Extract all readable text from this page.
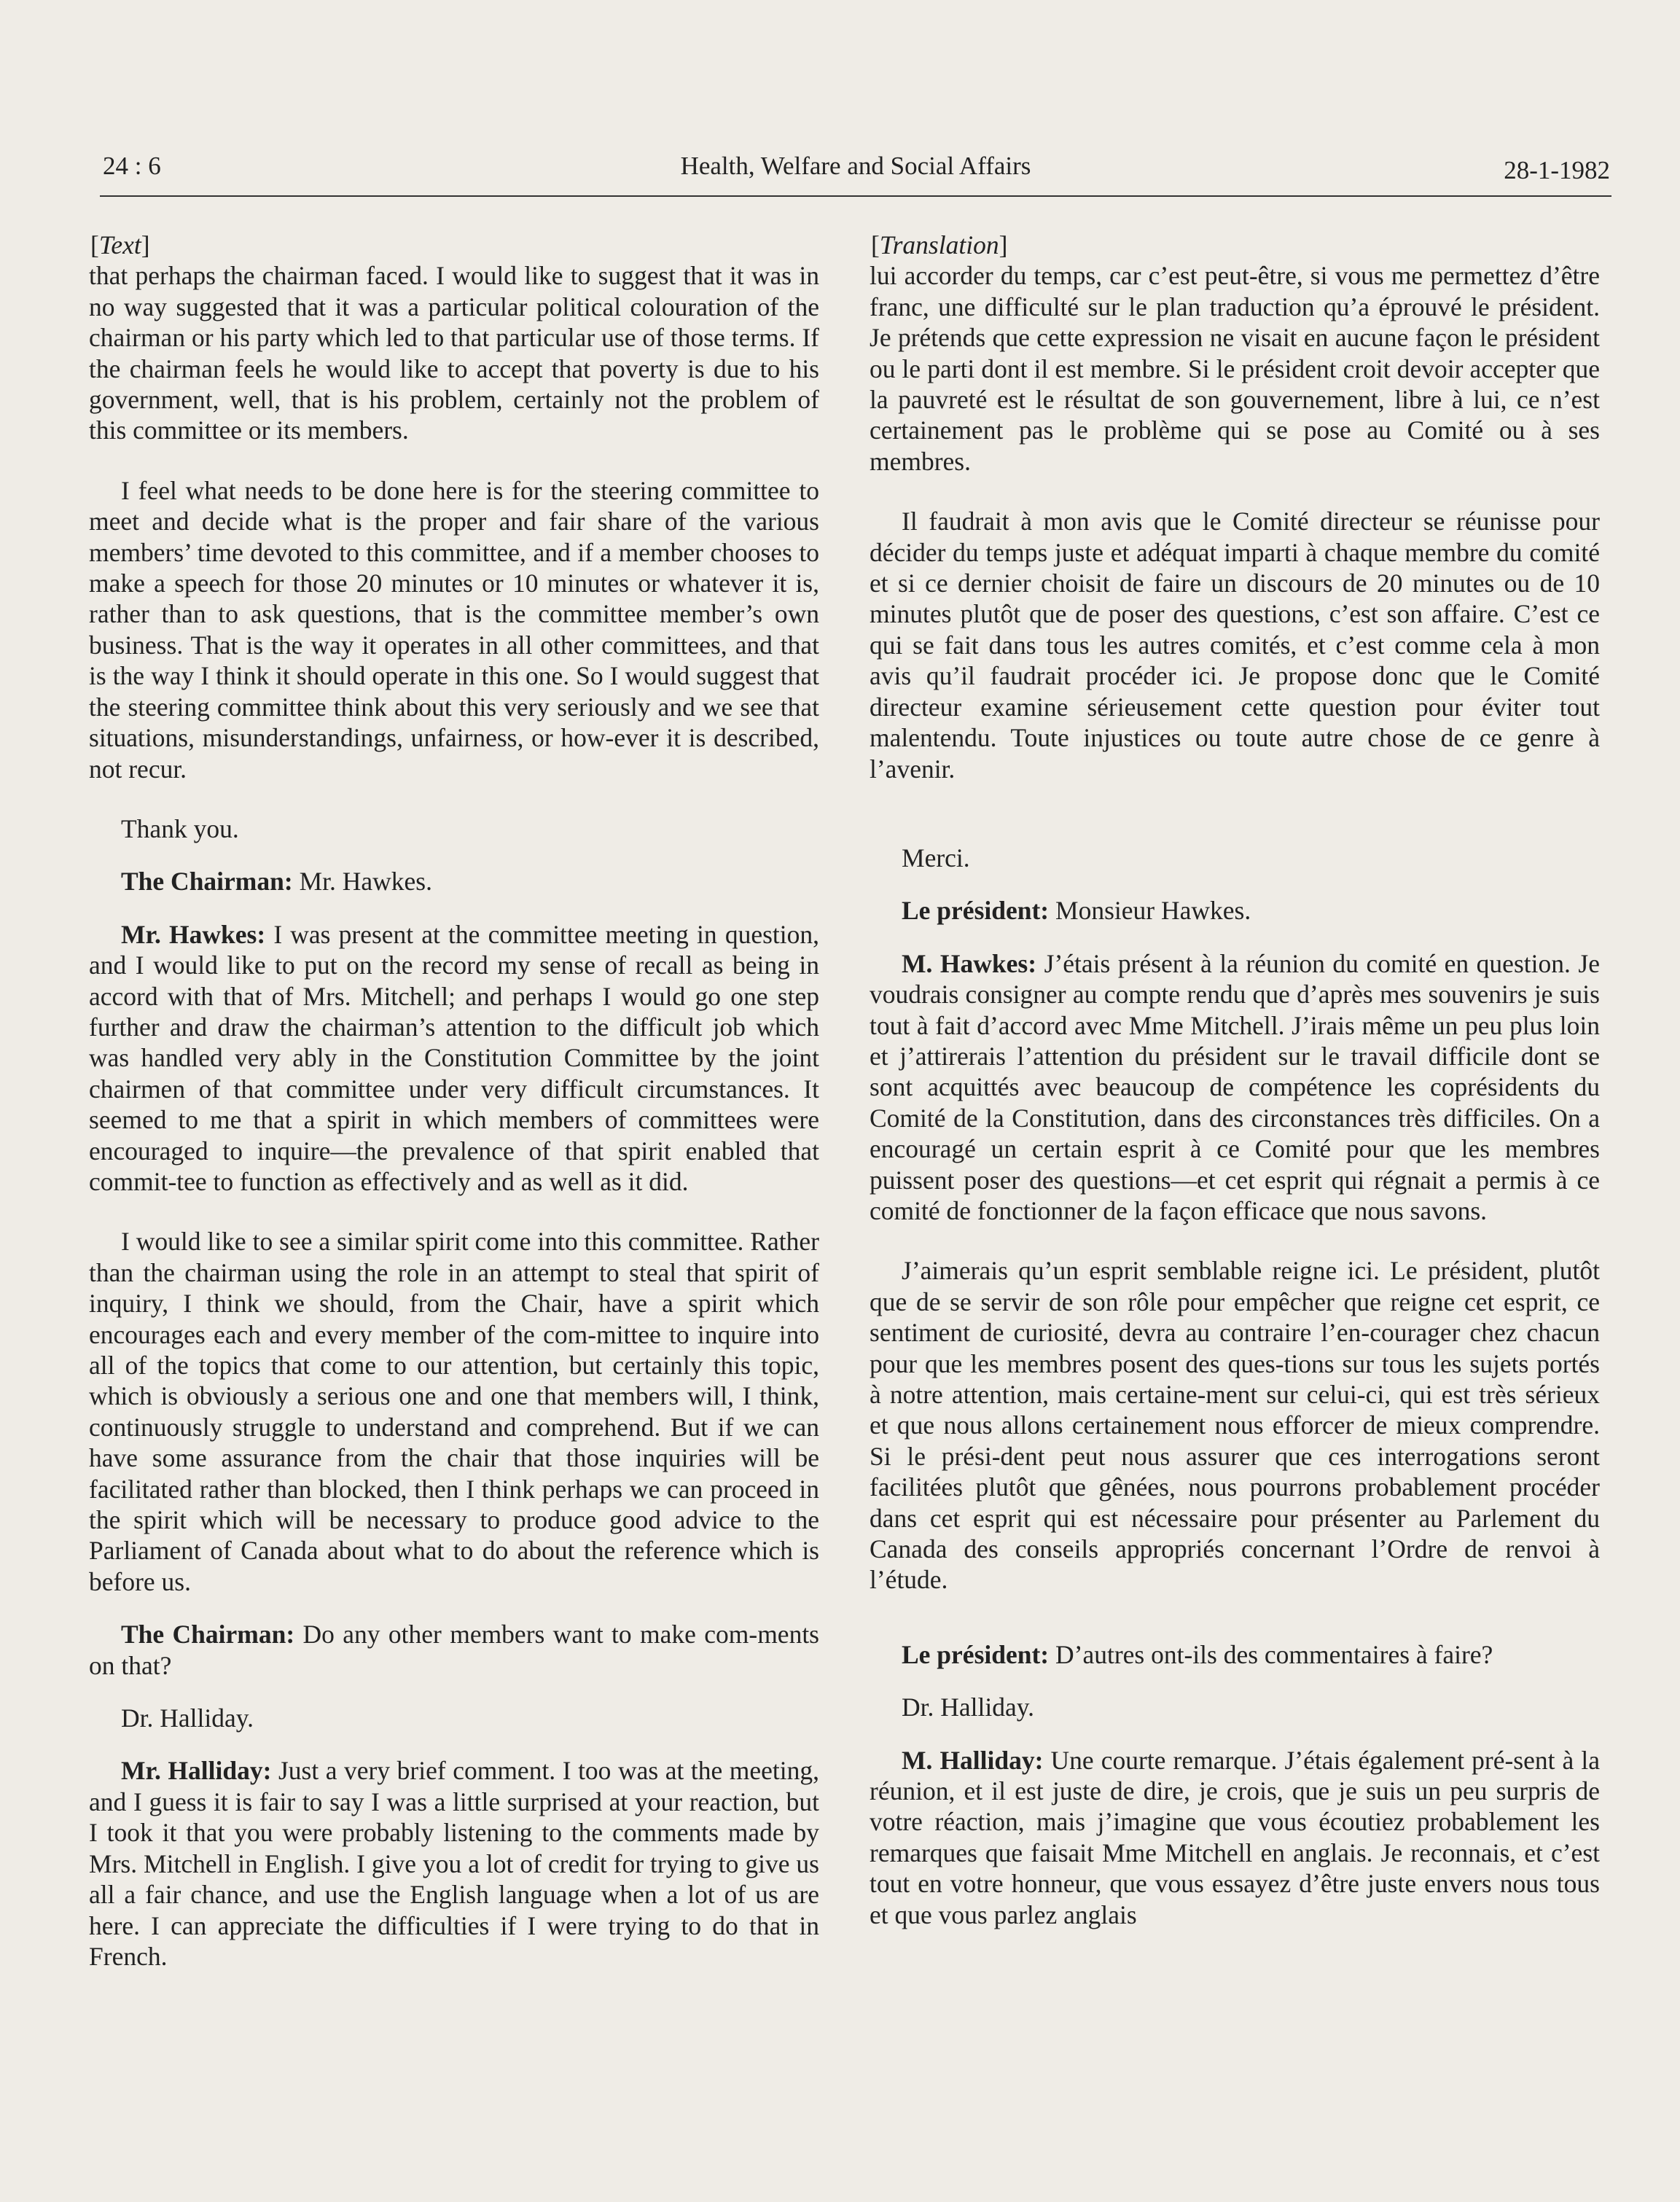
24 : 6	Health, Welfare and Social Affairs	28-1-1982

[Text]

that perhaps the chairman faced. I would like to suggest that it was in no way suggested that it was a particular political colouration of the chairman or his party which led to that particular use of those terms. If the chairman feels he would like to accept that poverty is due to his government, well, that is his problem, certainly not the problem of this committee or its members.

I feel what needs to be done here is for the steering committee to meet and decide what is the proper and fair share of the various members’ time devoted to this committee, and if a member chooses to make a speech for those 20 minutes or 10 minutes or whatever it is, rather than to ask questions, that is the committee member’s own business. That is the way it operates in all other committees, and that is the way I think it should operate in this one. So I would suggest that the steering committee think about this very seriously and we see that situations, misunderstandings, unfairness, or how-ever it is described, not recur.

Thank you.

The Chairman: Mr. Hawkes.

Mr. Hawkes: I was present at the committee meeting in question, and I would like to put on the record my sense of recall as being in accord with that of Mrs. Mitchell; and perhaps I would go one step further and draw the chairman’s attention to the difficult job which was handled very ably in the Constitution Committee by the joint chairmen of that committee under very difficult circumstances. It seemed to me that a spirit in which members of committees were encouraged to inquire—the prevalence of that spirit enabled that commit-tee to function as effectively and as well as it did.

I would like to see a similar spirit come into this committee. Rather than the chairman using the role in an attempt to steal that spirit of inquiry, I think we should, from the Chair, have a spirit which encourages each and every member of the com-mittee to inquire into all of the topics that come to our attention, but certainly this topic, which is obviously a serious one and one that members will, I think, continuously struggle to understand and comprehend. But if we can have some assurance from the chair that those inquiries will be facilitated rather than blocked, then I think perhaps we can proceed in the spirit which will be necessary to produce good advice to the Parliament of Canada about what to do about the reference which is before us.

The Chairman: Do any other members want to make com-ments on that?

Dr. Halliday.

Mr. Halliday: Just a very brief comment. I too was at the meeting, and I guess it is fair to say I was a little surprised at your reaction, but I took it that you were probably listening to the comments made by Mrs. Mitchell in English. I give you a lot of credit for trying to give us all a fair chance, and use the English language when a lot of us are here. I can appreciate the difficulties if I were trying to do that in French.

[Translation]

lui accorder du temps, car c’est peut-être, si vous me permettez d’être franc, une difficulté sur le plan traduction qu’a éprouvé le président. Je prétends que cette expression ne visait en aucune façon le président ou le parti dont il est membre. Si le président croit devoir accepter que la pauvreté est le résultat de son gouvernement, libre à lui, ce n’est certainement pas le problème qui se pose au Comité ou à ses membres.

Il faudrait à mon avis que le Comité directeur se réunisse pour décider du temps juste et adéquat imparti à chaque membre du comité et si ce dernier choisit de faire un discours de 20 minutes ou de 10 minutes plutôt que de poser des questions, c’est son affaire. C’est ce qui se fait dans tous les autres comités, et c’est comme cela à mon avis qu’il faudrait procéder ici. Je propose donc que le Comité directeur examine sérieusement cette question pour éviter tout malentendu. Toute injustices ou toute autre chose de ce genre à l’avenir.

Merci.

Le président: Monsieur Hawkes.

M. Hawkes: J’étais présent à la réunion du comité en question. Je voudrais consigner au compte rendu que d’après mes souvenirs je suis tout à fait d’accord avec Mme Mitchell. J’irais même un peu plus loin et j’attirerais l’attention du président sur le travail difficile dont se sont acquittés avec beaucoup de compétence les coprésidents du Comité de la Constitution, dans des circonstances très difficiles. On a encouragé un certain esprit à ce Comité pour que les membres puissent poser des questions—et cet esprit qui régnait a permis à ce comité de fonctionner de la façon efficace que nous savons.

J’aimerais qu’un esprit semblable reigne ici. Le président, plutôt que de se servir de son rôle pour empêcher que reigne cet esprit, ce sentiment de curiosité, devra au contraire l’en-courager chez chacun pour que les membres posent des ques-tions sur tous les sujets portés à notre attention, mais certaine-ment sur celui-ci, qui est très sérieux et que nous allons certainement nous efforcer de mieux comprendre. Si le prési-dent peut nous assurer que ces interrogations seront facilitées plutôt que gênées, nous pourrons probablement procéder dans cet esprit qui est nécessaire pour présenter au Parlement du Canada des conseils appropriés concernant l’Ordre de renvoi à l’étude.

Le président: D’autres ont-ils des commentaires à faire?

Dr. Halliday.

M. Halliday: Une courte remarque. J’étais également pré-sent à la réunion, et il est juste de dire, je crois, que je suis un peu surpris de votre réaction, mais j’imagine que vous écoutiez probablement les remarques que faisait Mme Mitchell en anglais. Je reconnais, et c’est tout en votre honneur, que vous essayez d’être juste envers nous tous et que vous parlez anglais
